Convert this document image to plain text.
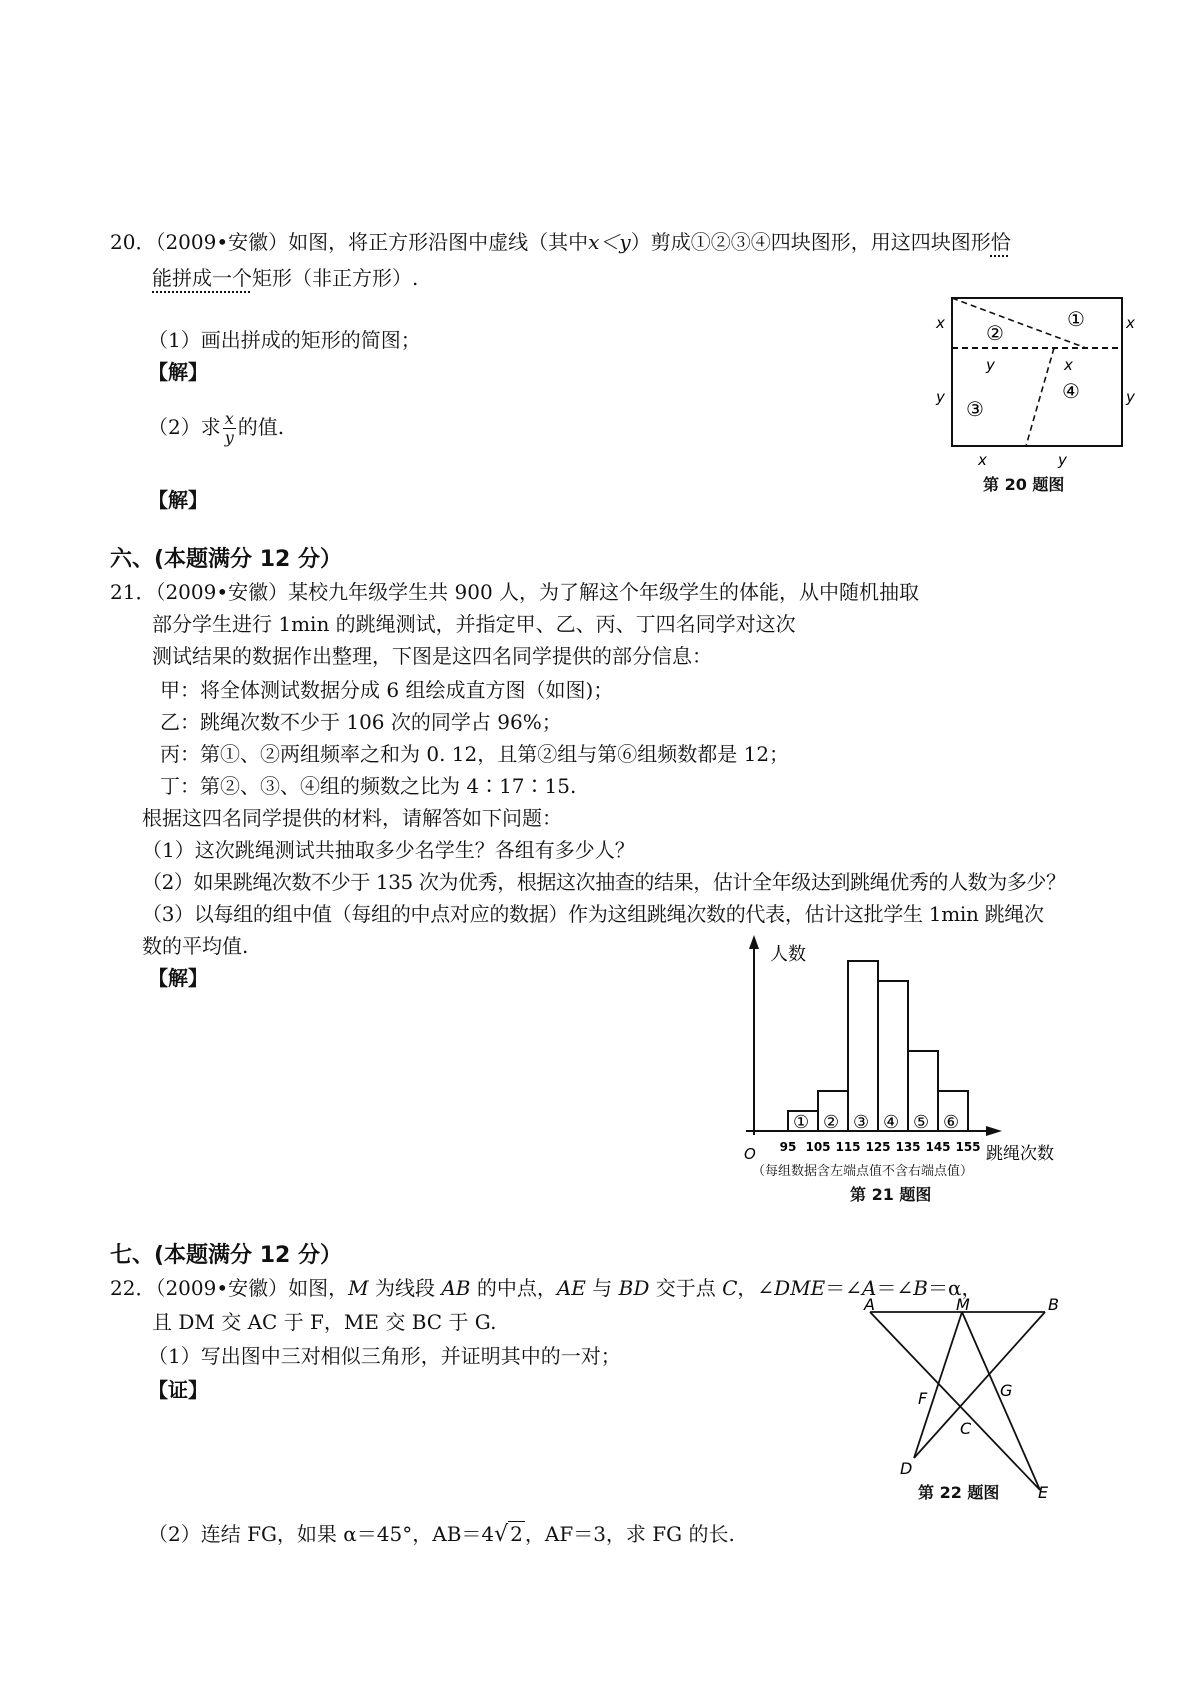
20．（2009•安徽）如图，将正方形沿图中虚线（其中x＜y）剪成①②③④四块图形，用这四块图形恰
能拼成一个矩形（非正方形）.
（1）画出拼成的矩形的简图；
【解】
（2）求 $\frac{x}{y}$ 的值.
【解】
①
②
③
④
x	x
y	x
y	y
x	y
第 20 题图
六、(本题满分 12 分）
21．（2009•安徽）某校九年级学生共 900 人，为了解这个年级学生的体能，从中随机抽取
部分学生进行 1min 的跳绳测试，并指定甲、乙、丙、丁四名同学对这次
测试结果的数据作出整理，下图是这四名同学提供的部分信息：
甲：将全体测试数据分成 6 组绘成直方图（如图)；
乙：跳绳次数不少于 106 次的同学占 96%；
丙：第①、②两组频率之和为 0. 12，且第②组与第⑥组频数都是 12；
丁：第②、③、④组的频数之比为 4∶17∶15.
根据这四名同学提供的材料，请解答如下问题：
（1）这次跳绳测试共抽取多少名学生？各组有多少人？
（2）如果跳绳次数不少于 135 次为优秀，根据这次抽查的结果，估计全年级达到跳绳优秀的人数为多少？
（3）以每组的组中值（每组的中点对应的数据）作为这组跳绳次数的代表，估计这批学生 1min 跳绳次
数的平均值.
【解】
人数
O	跳绳次数
① ② ③ ④ ⑤ ⑥
95 105 115 125 135 145 155
（每组数据含左端点值不含右端点值）
第 21 题图
七、(本题满分 12 分）
22．（2009•安徽）如图，M 为线段 AB 的中点，AE 与 BD 交于点 C，∠DME＝∠A＝∠B＝α，
且 DM 交 AC 于 F，ME 交 BC 于 G.
（1）写出图中三对相似三角形，并证明其中的一对；
【证】
（2）连结 FG，如果 α＝45°，AB＝4√ 2 ，AF＝3，求 FG 的长.
A	M	B
F	G
C
D
E
第 22 题图
